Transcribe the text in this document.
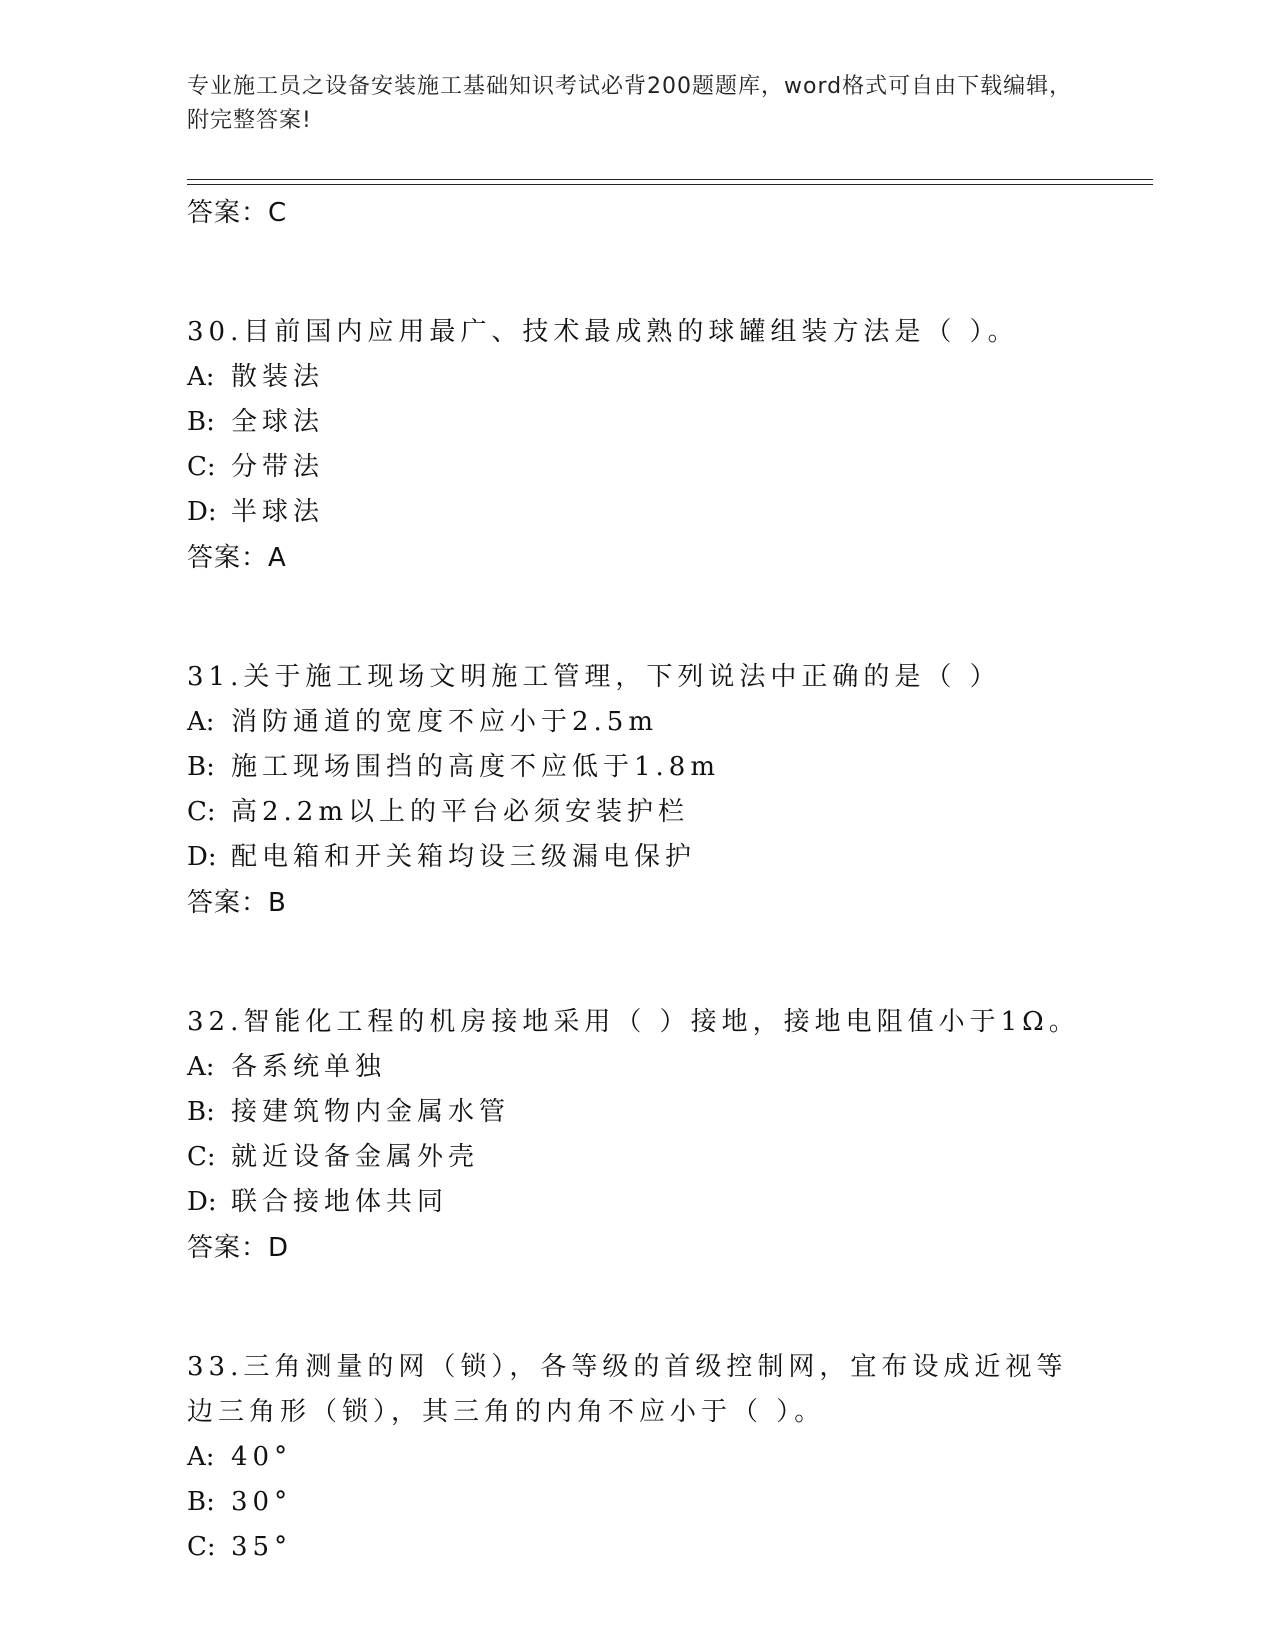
专业施工员之设备安装施工基础知识考试必背200题题库，word格式可自由下载编辑，附完整答案!
答案：C
30.目前国内应用最广、技术最成熟的球罐组装方法是（ ）。
A: 散装法
B: 全球法
C: 分带法
D: 半球法
答案：A
31.关于施工现场文明施工管理，下列说法中正确的是（ ）
A: 消防通道的宽度不应小于2.5m
B: 施工现场围挡的高度不应低于1.8m
C: 高2.2m以上的平台必须安装护栏
D: 配电箱和开关箱均设三级漏电保护
答案：B
32.智能化工程的机房接地采用（ ）接地，接地电阻值小于1Ω。
A: 各系统单独
B: 接建筑物内金属水管
C: 就近设备金属外壳
D: 联合接地体共同
答案：D
33.三角测量的网（锁），各等级的首级控制网，宜布设成近视等边三角形（锁），其三角的内角不应小于（ ）。
A: 40°
B: 30°
C: 35°
